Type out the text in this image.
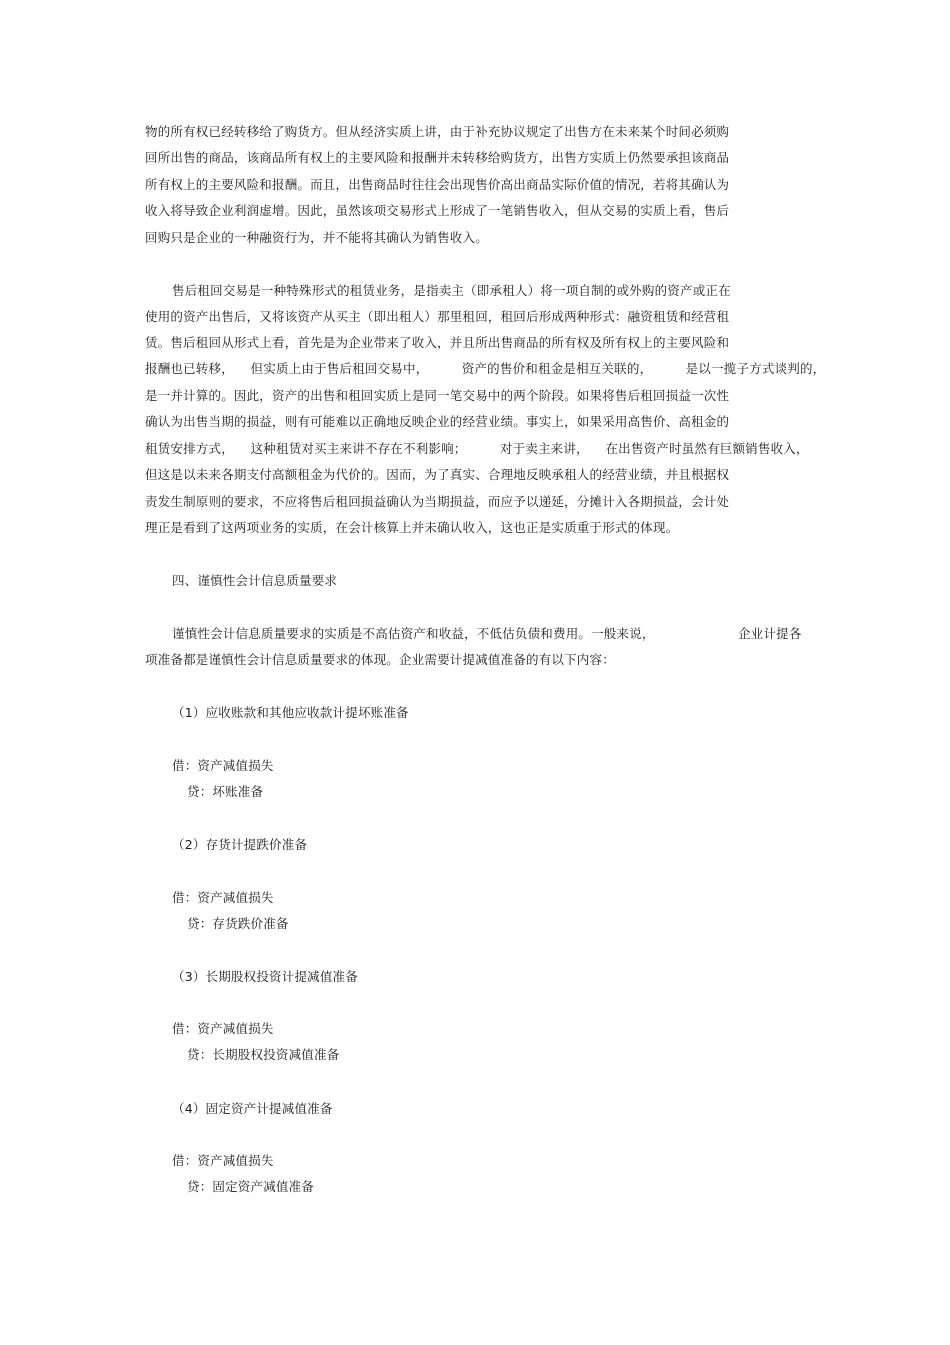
物的所有权已经转移给了购货方。但从经济实质上讲，由于补充协议规定了出售方在未来某个时间必须购
回所出售的商品，该商品所有权上的主要风险和报酬并未转移给购货方，出售方实质上仍然要承担该商品
所有权上的主要风险和报酬。而且，出售商品时往往会出现售价高出商品实际价值的情况，若将其确认为
收入将导致企业利润虚增。因此，虽然该项交易形式上形成了一笔销售收入，但从交易的实质上看，售后
回购只是企业的一种融资行为，并不能将其确认为销售收入。
售后租回交易是一种特殊形式的租赁业务，是指卖主（即承租人）将一项自制的或外购的资产或正在
使用的资产出售后，又将该资产从买主（即出租人）那里租回，租回后形成两种形式：融资租赁和经营租
赁。售后租回从形式上看，首先是为企业带来了收入，并且所出售商品的所有权及所有权上的主要风险和
报酬也已转移，    但实质上由于售后租回交易中，        资产的售价和租金是相互关联的，        是以一揽子方式谈判的，
是一并计算的。因此，资产的出售和租回实质上是同一笔交易中的两个阶段。如果将售后租回损益一次性
确认为出售当期的损益，则有可能难以正确地反映企业的经营业绩。事实上，如果采用高售价、高租金的
租赁安排方式，    这种租赁对买主来讲不存在不利影响；        对于卖主来讲，    在出售资产时虽然有巨额销售收入，
但这是以未来各期支付高额租金为代价的。因而，为了真实、合理地反映承租人的经营业绩，并且根据权
责发生制原则的要求，不应将售后租回损益确认为当期损益，而应予以递延，分摊计入各期损益，会计处
理正是看到了这两项业务的实质，在会计核算上并未确认收入，这也正是实质重于形式的体现。
四、谨慎性会计信息质量要求
谨慎性会计信息质量要求的实质是不高估资产和收益，不低估负债和费用。一般来说，                    企业计提各
项准备都是谨慎性会计信息质量要求的体现。企业需要计提减值准备的有以下内容：
（1）应收账款和其他应收款计提坏账准备
借：资产减值损失
贷：坏账准备
（2）存货计提跌价准备
借：资产减值损失
贷：存货跌价准备
（3）长期股权投资计提减值准备
借：资产减值损失
贷：长期股权投资减值准备
（4）固定资产计提减值准备
借：资产减值损失
贷：固定资产减值准备
